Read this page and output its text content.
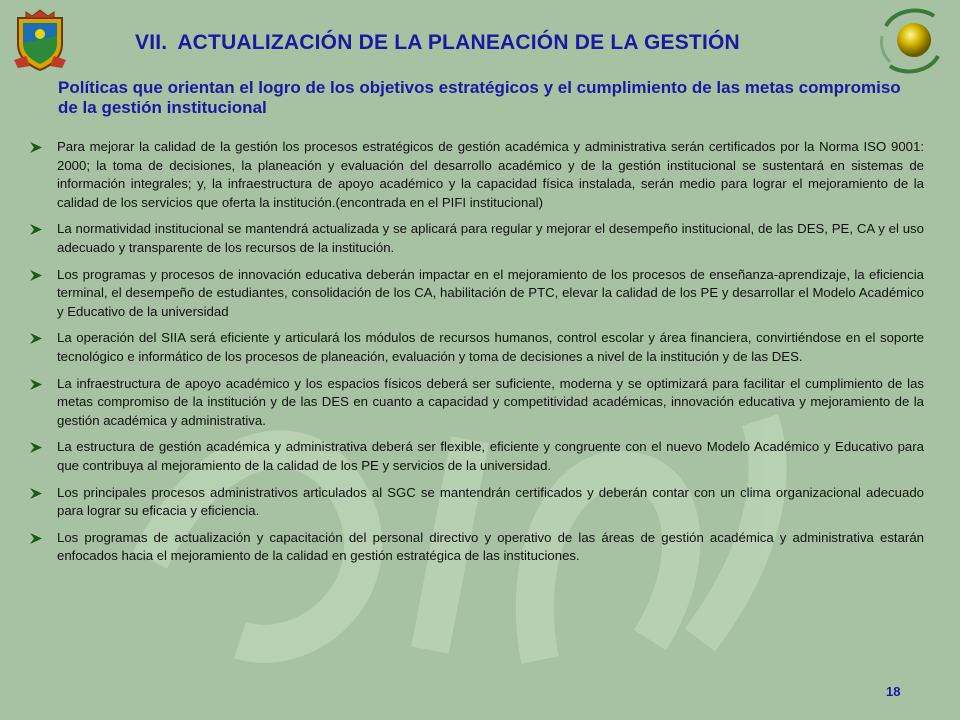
VII. ACTUALIZACIÓN DE LA PLANEACIÓN DE LA GESTIÓN
Políticas que orientan el logro de los objetivos estratégicos y el cumplimiento de las metas compromiso de la gestión institucional
Para mejorar la calidad de la gestión los procesos estratégicos de gestión académica y administrativa serán certificados por la Norma ISO 9001: 2000; la toma de decisiones, la planeación y evaluación del desarrollo académico y de la gestión institucional se sustentará en sistemas de información integrales; y, la infraestructura de apoyo académico y la capacidad física instalada, serán medio para lograr el mejoramiento de la calidad de los servicios que oferta la institución.(encontrada en el PIFI institucional)
La normatividad institucional se mantendrá actualizada y se aplicará para regular y mejorar el desempeño institucional, de las DES, PE, CA y el uso adecuado y transparente de los recursos de la institución.
Los programas y procesos de innovación educativa deberán impactar en el mejoramiento de los procesos de enseñanza-aprendizaje, la eficiencia terminal, el desempeño de estudiantes, consolidación de los CA, habilitación de PTC, elevar la calidad de los PE y desarrollar el Modelo Académico y Educativo de la universidad
La operación del SIIA será eficiente y articulará los módulos de recursos humanos, control escolar y área financiera, convirtiéndose en el soporte tecnológico e informático de los procesos de planeación, evaluación y toma de decisiones a nivel de la institución y de las DES.
La infraestructura de apoyo académico y los espacios físicos deberá ser suficiente, moderna y se optimizará para facilitar el cumplimiento de las metas compromiso de la institución y de las DES en cuanto a capacidad y competitividad académicas, innovación educativa y mejoramiento de la gestión académica y administrativa.
La estructura de gestión académica y administrativa deberá ser flexible, eficiente y congruente con el nuevo Modelo Académico y Educativo para que contribuya al mejoramiento de la calidad de los PE y servicios de la universidad.
Los principales procesos administrativos articulados al SGC se mantendrán certificados y deberán contar con un clima organizacional adecuado para lograr su eficacia y eficiencia.
Los programas de actualización y capacitación del personal directivo y operativo de las áreas de gestión académica y administrativa estarán enfocados hacia el mejoramiento de la calidad en gestión estratégica de las instituciones.
18
